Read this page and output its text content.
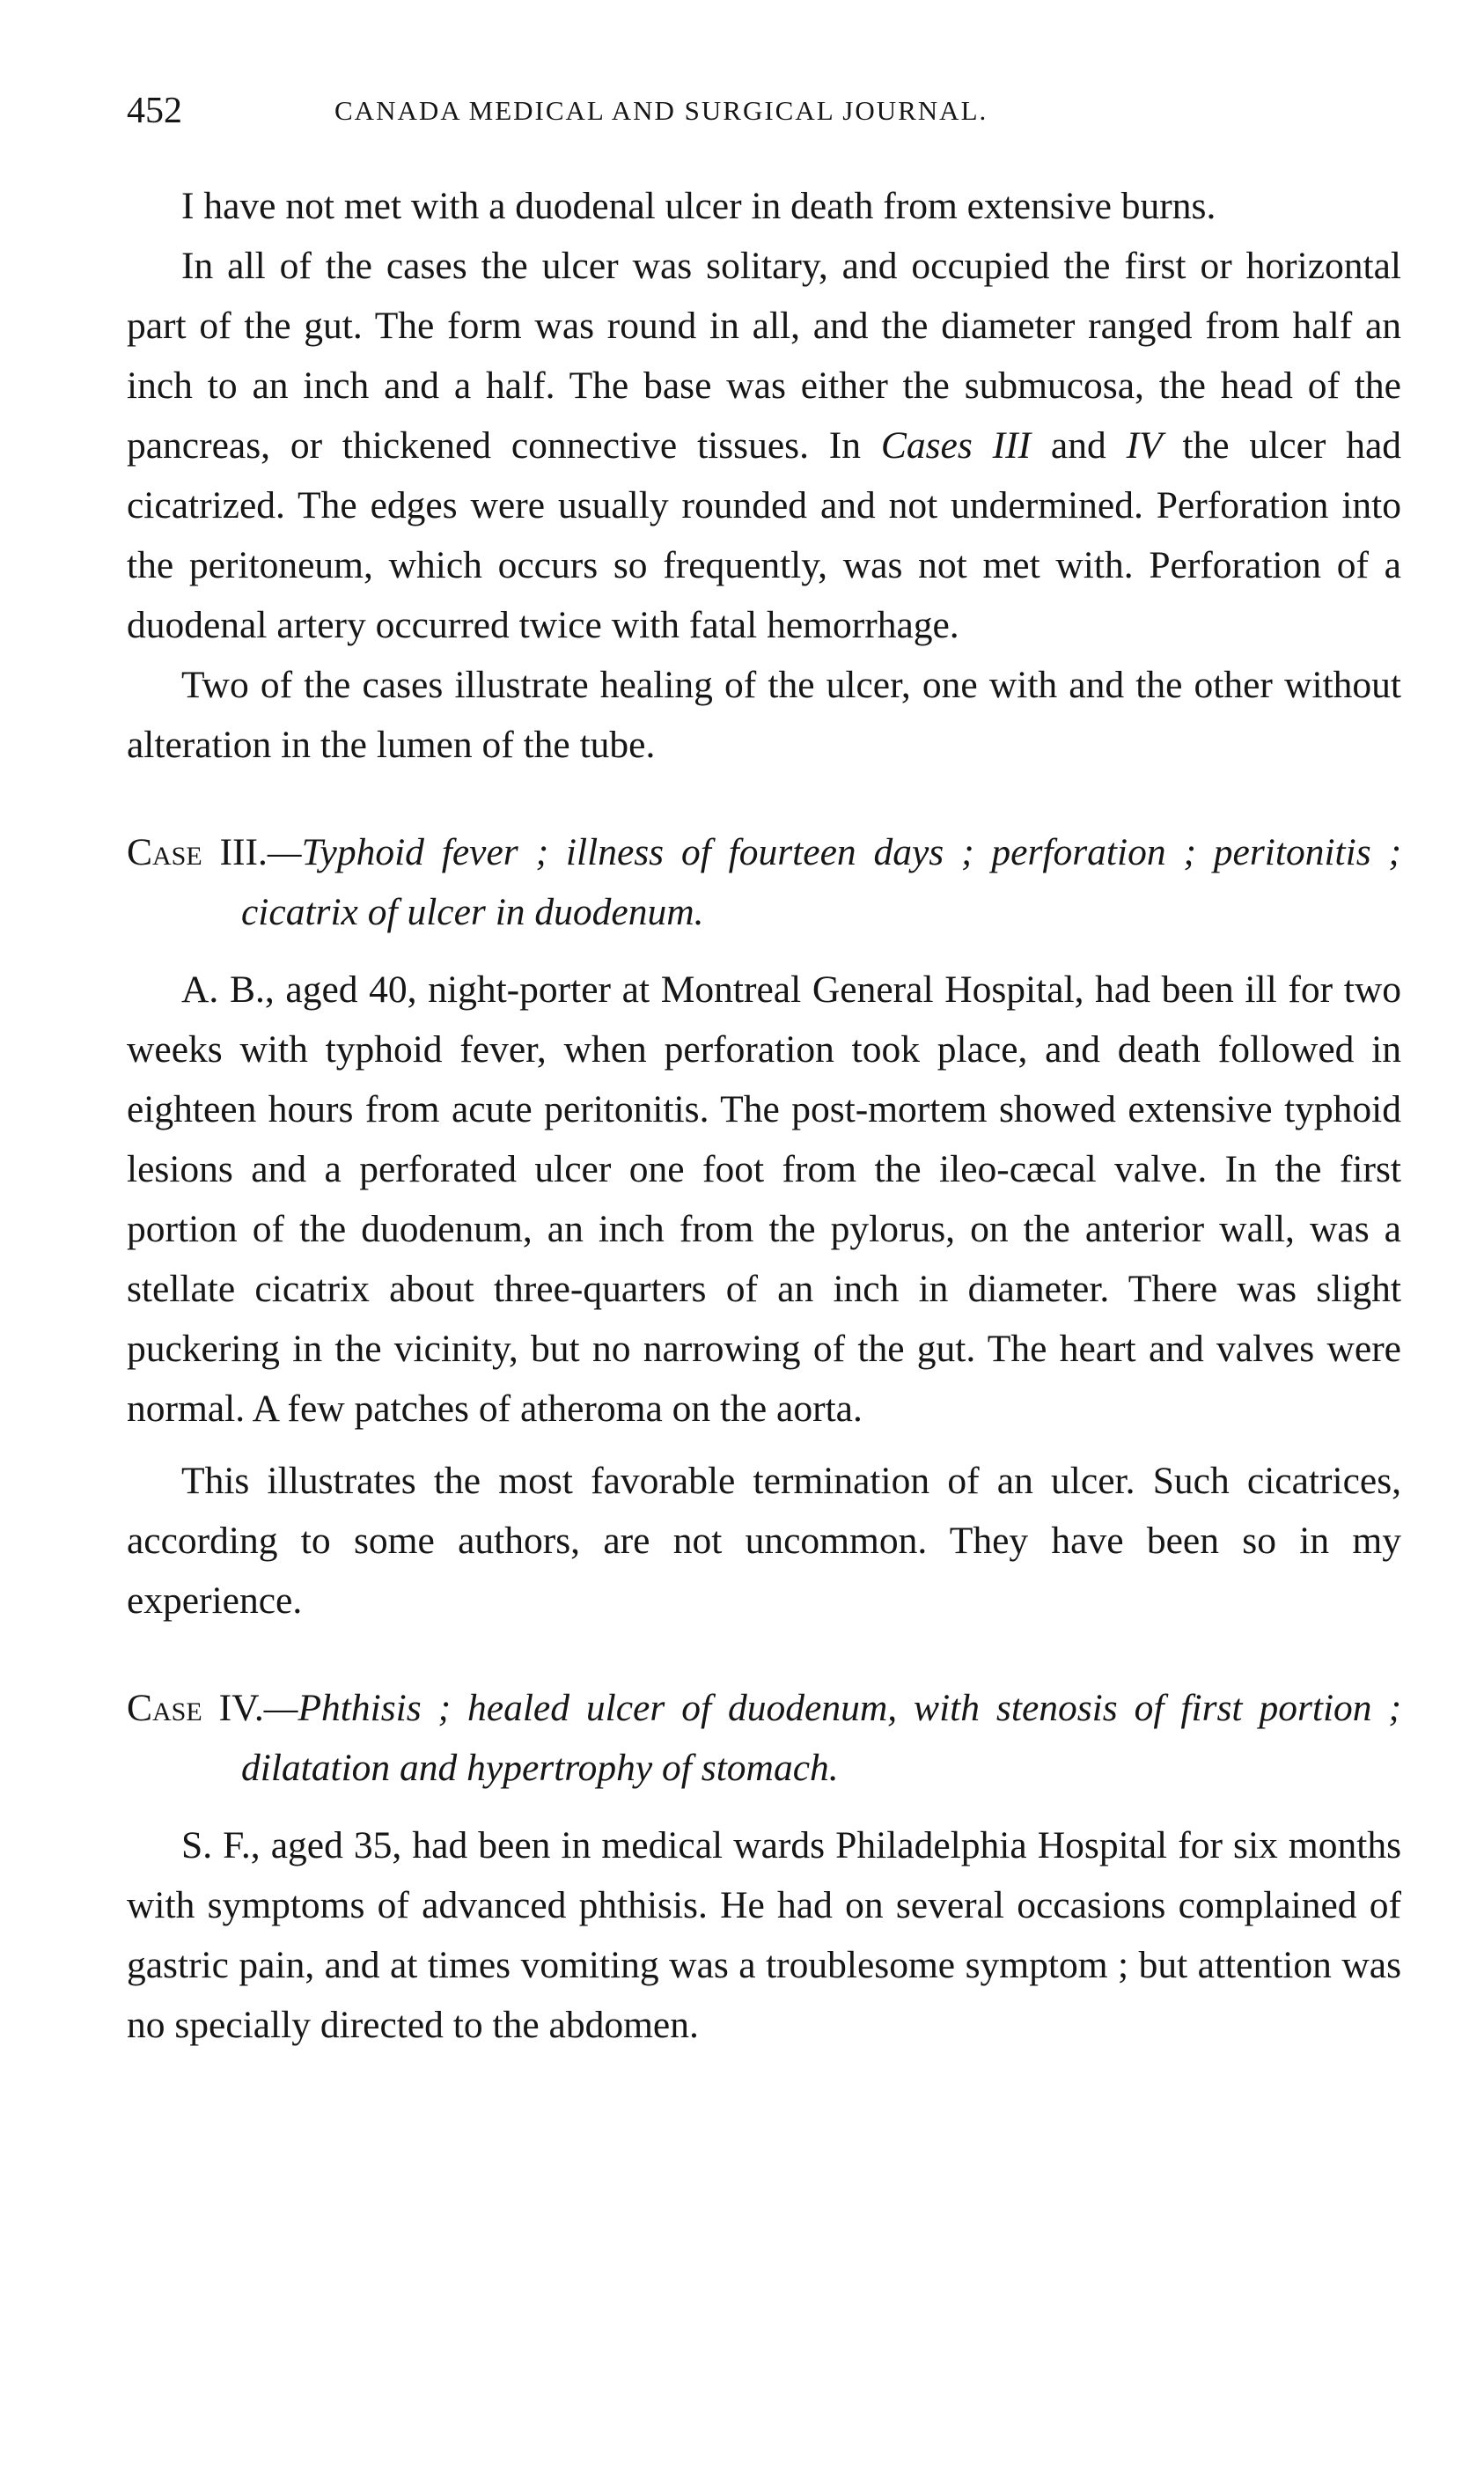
452	CANADA MEDICAL AND SURGICAL JOURNAL.

I have not met with a duodenal ulcer in death from extensive burns.

In all of the cases the ulcer was solitary, and occupied the first or horizontal part of the gut. The form was round in all, and the diameter ranged from half an inch to an inch and a half. The base was either the submucosa, the head of the pancreas, or thickened connective tissues. In Cases III and IV the ulcer had cicatrized. The edges were usually rounded and not undermined. Perforation into the peritoneum, which occurs so frequently, was not met with. Perforation of a duodenal artery occurred twice with fatal hemorrhage.

Two of the cases illustrate healing of the ulcer, one with and the other without alteration in the lumen of the tube.

Case III.—Typhoid fever ; illness of fourteen days ; perforation ; peritonitis ; cicatrix of ulcer in duodenum.

A. B., aged 40, night-porter at Montreal General Hospital, had been ill for two weeks with typhoid fever, when perforation took place, and death followed in eighteen hours from acute peritonitis. The post-mortem showed extensive typhoid lesions and a perforated ulcer one foot from the ileo-cæcal valve. In the first portion of the duodenum, an inch from the pylorus, on the anterior wall, was a stellate cicatrix about three-quarters of an inch in diameter. There was slight puckering in the vicinity, but no narrowing of the gut. The heart and valves were normal. A few patches of atheroma on the aorta.

This illustrates the most favorable termination of an ulcer. Such cicatrices, according to some authors, are not uncommon. They have been so in my experience.

Case IV.—Phthisis ; healed ulcer of duodenum, with stenosis of first portion ; dilatation and hypertrophy of stomach.

S. F., aged 35, had been in medical wards Philadelphia Hospital for six months with symptoms of advanced phthisis. He had on several occasions complained of gastric pain, and at times vomiting was a troublesome symptom ; but attention was no specially directed to the abdomen.
